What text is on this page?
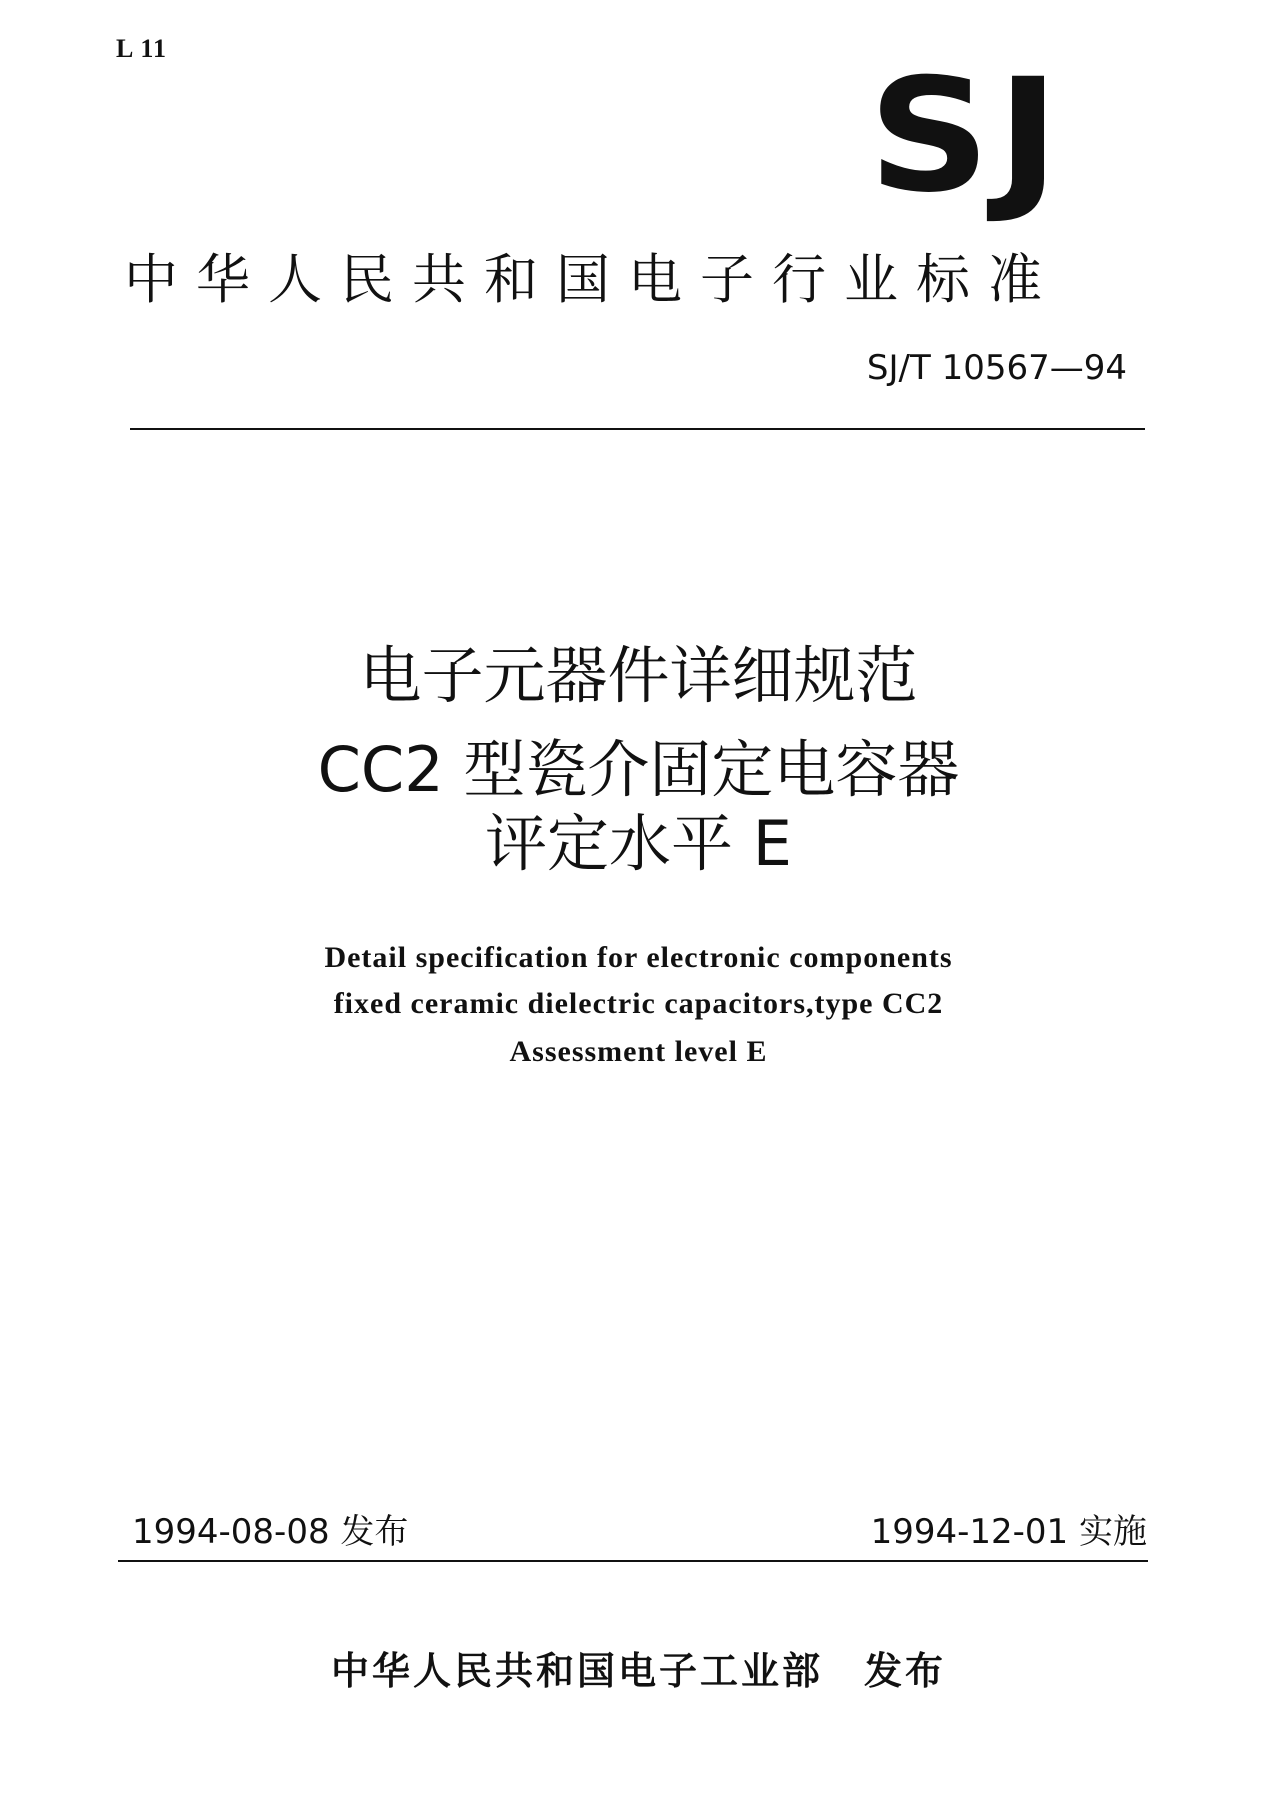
L 11	SJ
中华人民共和国电子行业标准
SJ/T 10567—94
电子元器件详细规范
CC2 型瓷介固定电容器
评定水平 E
Detail specification for electronic components
fixed ceramic dielectric capacitors,type CC2
Assessment level E
1994-08-08 发布	1994-12-01 实施
中华人民共和国电子工业部　发布
